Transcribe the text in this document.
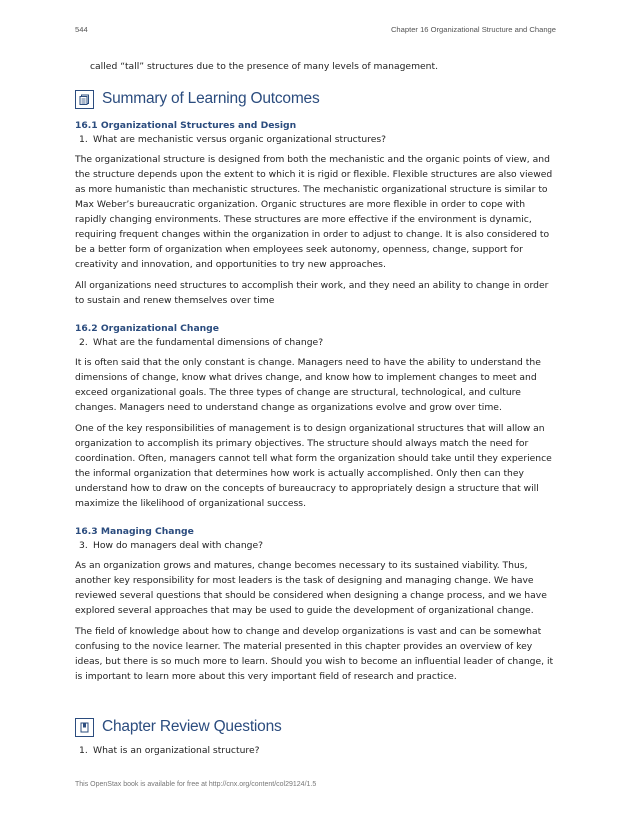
544	Chapter 16 Organizational Structure and Change

called “tall” structures due to the presence of many levels of management.

Summary of Learning Outcomes
16.1 Organizational Structures and Design
1. What are mechanistic versus organic organizational structures?

The organizational structure is designed from both the mechanistic and the organic points of view, and the structure depends upon the extent to which it is rigid or flexible. Flexible structures are also viewed as more humanistic than mechanistic structures. The mechanistic organizational structure is similar to Max Weber’s bureaucratic organization. Organic structures are more flexible in order to cope with rapidly changing environments. These structures are more effective if the environment is dynamic, requiring frequent changes within the organization in order to adjust to change. It is also considered to be a better form of organization when employees seek autonomy, openness, change, support for creativity and innovation, and opportunities to try new approaches.

All organizations need structures to accomplish their work, and they need an ability to change in order to sustain and renew themselves over time

16.2 Organizational Change
2. What are the fundamental dimensions of change?

It is often said that the only constant is change. Managers need to have the ability to understand the dimensions of change, know what drives change, and know how to implement changes to meet and exceed organizational goals. The three types of change are structural, technological, and culture changes. Managers need to understand change as organizations evolve and grow over time.

One of the key responsibilities of management is to design organizational structures that will allow an organization to accomplish its primary objectives. The structure should always match the need for coordination. Often, managers cannot tell what form the organization should take until they experience the informal organization that determines how work is actually accomplished. Only then can they understand how to draw on the concepts of bureaucracy to appropriately design a structure that will maximize the likelihood of organizational success.

16.3 Managing Change
3. How do managers deal with change?

As an organization grows and matures, change becomes necessary to its sustained viability. Thus, another key responsibility for most leaders is the task of designing and managing change. We have reviewed several questions that should be considered when designing a change process, and we have explored several approaches that may be used to guide the development of organizational change.

The field of knowledge about how to change and develop organizations is vast and can be somewhat confusing to the novice learner. The material presented in this chapter provides an overview of key ideas, but there is so much more to learn. Should you wish to become an influential leader of change, it is important to learn more about this very important field of research and practice.

Chapter Review Questions
1. What is an organizational structure?
This OpenStax book is available for free at http://cnx.org/content/col29124/1.5
